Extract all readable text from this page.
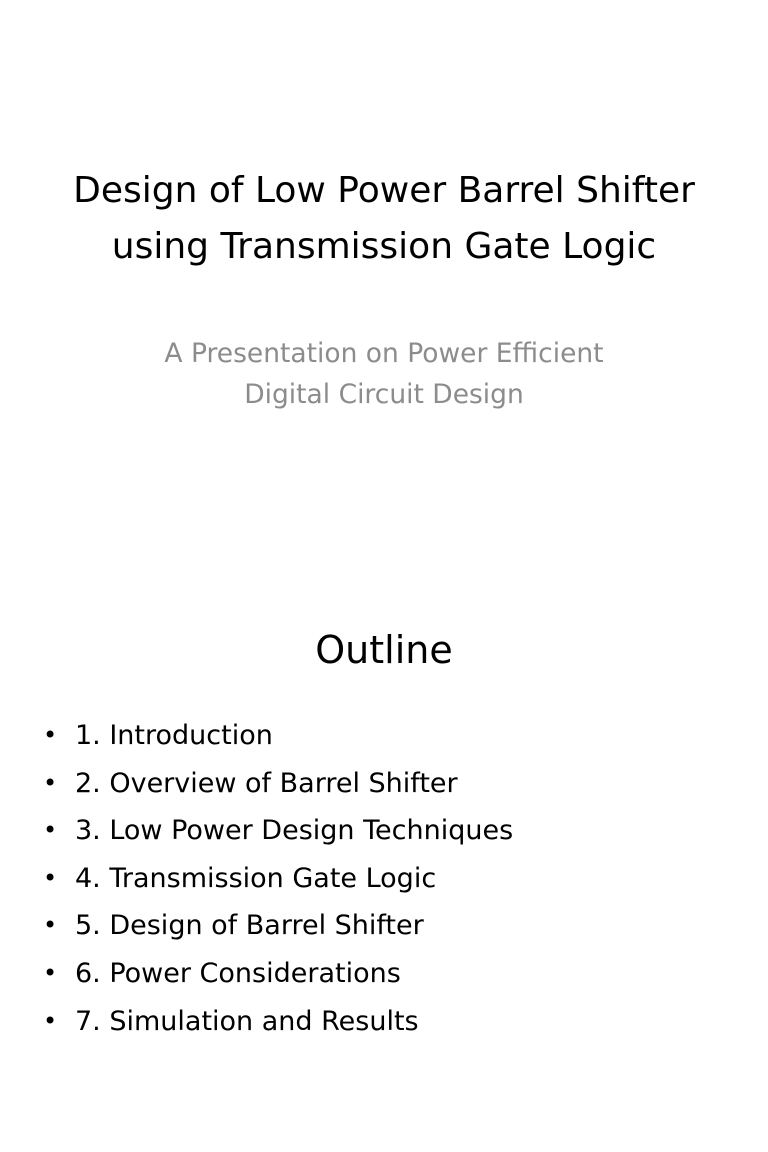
Design of Low Power Barrel Shifter using Transmission Gate Logic
A Presentation on Power Efficient Digital Circuit Design
Outline
• 1. Introduction
• 2. Overview of Barrel Shifter
• 3. Low Power Design Techniques
• 4. Transmission Gate Logic
• 5. Design of Barrel Shifter
• 6. Power Considerations
• 7. Simulation and Results
